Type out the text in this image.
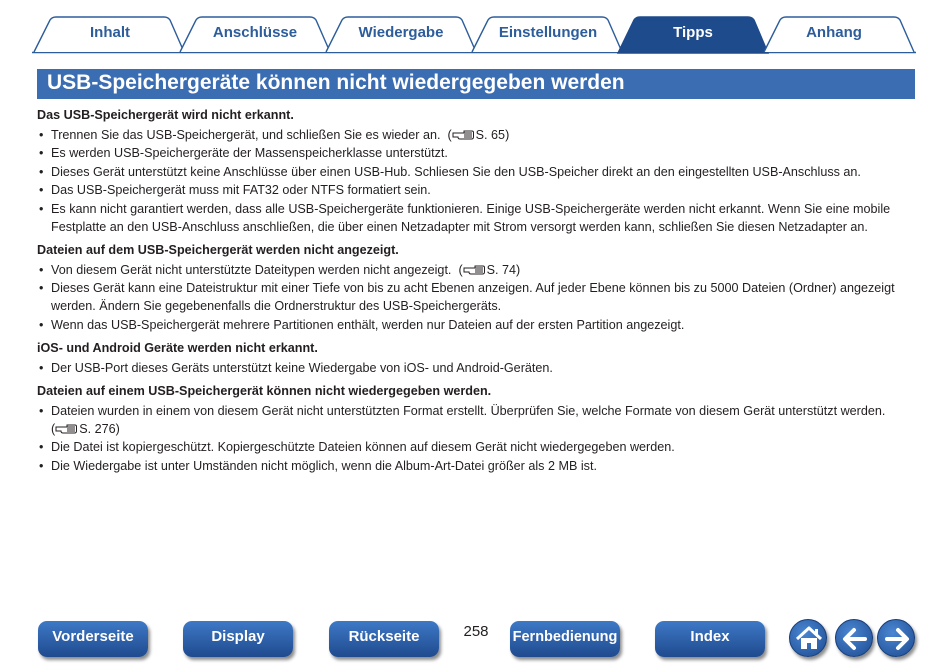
Inhalt	Anschlüsse	Wiedergabe	Einstellungen	Tipps	Anhang
USB-Speichergeräte können nicht wiedergegeben werden
Das USB-Speichergerät wird nicht erkannt.
• Trennen Sie das USB-Speichergerät, und schließen Sie es wieder an. ( S. 65)
• Es werden USB-Speichergeräte der Massenspeicherklasse unterstützt.
• Dieses Gerät unterstützt keine Anschlüsse über einen USB-Hub. Schliesen Sie den USB-Speicher direkt an den eingestellten USB-Anschluss an.
• Das USB-Speichergerät muss mit FAT32 oder NTFS formatiert sein.
• Es kann nicht garantiert werden, dass alle USB-Speichergeräte funktionieren. Einige USB-Speichergeräte werden nicht erkannt. Wenn Sie eine mobile Festplatte an den USB-Anschluss anschließen, die über einen Netzadapter mit Strom versorgt werden kann, schließen Sie diesen Netzadapter an.
Dateien auf dem USB-Speichergerät werden nicht angezeigt.
• Von diesem Gerät nicht unterstützte Dateitypen werden nicht angezeigt. ( S. 74)
• Dieses Gerät kann eine Dateistruktur mit einer Tiefe von bis zu acht Ebenen anzeigen. Auf jeder Ebene können bis zu 5000 Dateien (Ordner) angezeigt werden. Ändern Sie gegebenenfalls die Ordnerstruktur des USB-Speichergeräts.
• Wenn das USB-Speichergerät mehrere Partitionen enthält, werden nur Dateien auf der ersten Partition angezeigt.
iOS- und Android Geräte werden nicht erkannt.
• Der USB-Port dieses Geräts unterstützt keine Wiedergabe von iOS- und Android-Geräten.
Dateien auf einem USB-Speichergerät können nicht wiedergegeben werden.
• Dateien wurden in einem von diesem Gerät nicht unterstützten Format erstellt. Überprüfen Sie, welche Formate von diesem Gerät unterstützt werden.
( S. 276)
• Die Datei ist kopiergeschützt. Kopiergeschützte Dateien können auf diesem Gerät nicht wiedergegeben werden.
• Die Wiedergabe ist unter Umständen nicht möglich, wenn die Album-Art-Datei größer als 2 MB ist.
Vorderseite	Display	Rückseite	258	Fernbedienung	Index
